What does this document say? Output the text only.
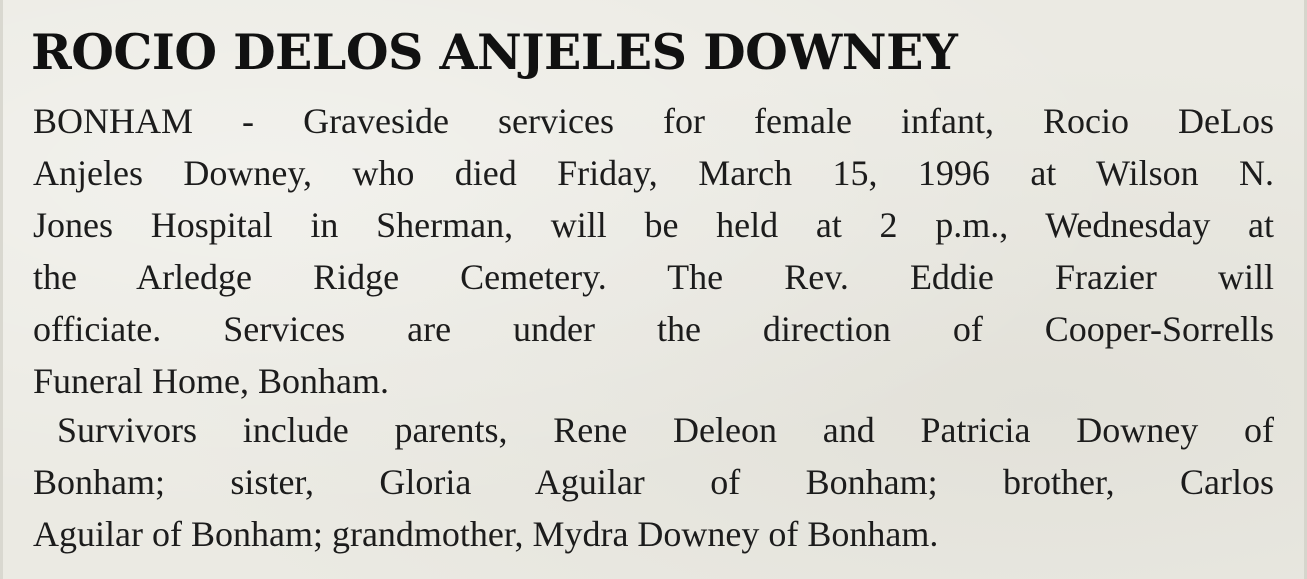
ROCIO DELOS ANJELES DOWNEY

BONHAM - Graveside services for female infant, Rocio DeLos

Anjeles Downey, who died Friday, March 15, 1996 at Wilson N.

Jones Hospital in Sherman, will be held at 2 p.m., Wednesday at

the Arledge Ridge Cemetery. The Rev. Eddie Frazier will

officiate. Services are under the direction of Cooper-Sorrells

Funeral Home, Bonham.

Survivors include parents, Rene Deleon and Patricia Downey of

Bonham; sister, Gloria Aguilar of Bonham; brother, Carlos

Aguilar of Bonham; grandmother, Mydra Downey of Bonham.
